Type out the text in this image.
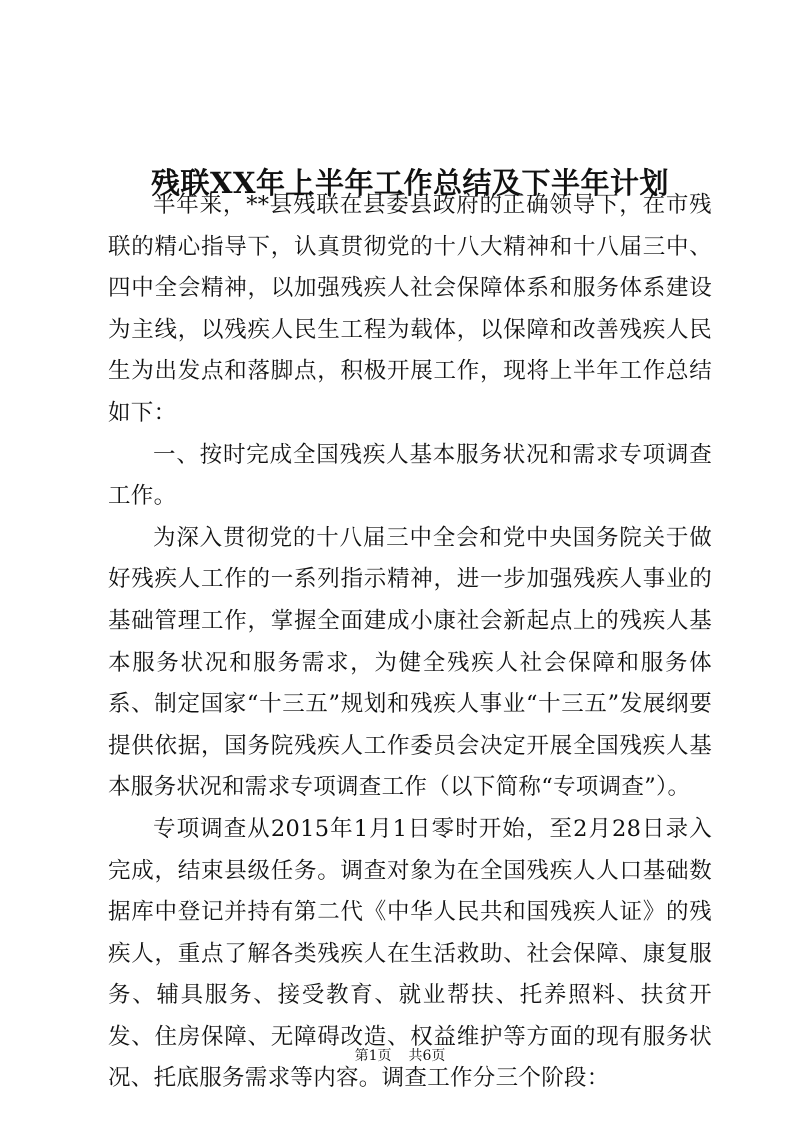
残联XX年上半年工作总结及下半年计划

半年来，**县残联在县委县政府的正确领导下，在市残联的精心指导下，认真贯彻党的十八大精神和十八届三中、四中全会精神，以加强残疾人社会保障体系和服务体系建设为主线，以残疾人民生工程为载体，以保障和改善残疾人民生为出发点和落脚点，积极开展工作，现将上半年工作总结如下：

一、按时完成全国残疾人基本服务状况和需求专项调查工作。

为深入贯彻党的十八届三中全会和党中央国务院关于做好残疾人工作的一系列指示精神，进一步加强残疾人事业的基础管理工作，掌握全面建成小康社会新起点上的残疾人基本服务状况和服务需求，为健全残疾人社会保障和服务体系、制定国家“十三五”规划和残疾人事业“十三五”发展纲要提供依据，国务院残疾人工作委员会决定开展全国残疾人基本服务状况和需求专项调查工作（以下简称“专项调查”）。

专项调查从2015年1月1日零时开始，至2月28日录入完成，结束县级任务。调查对象为在全国残疾人人口基础数据库中登记并持有第二代《中华人民共和国残疾人证》的残疾人，重点了解各类残疾人在生活救助、社会保障、康复服务、辅具服务、接受教育、就业帮扶、托养照料、扶贫开发、住房保障、无障碍改造、权益维护等方面的现有服务状况、托底服务需求等内容。调查工作分三个阶段：

第1页 共6页
